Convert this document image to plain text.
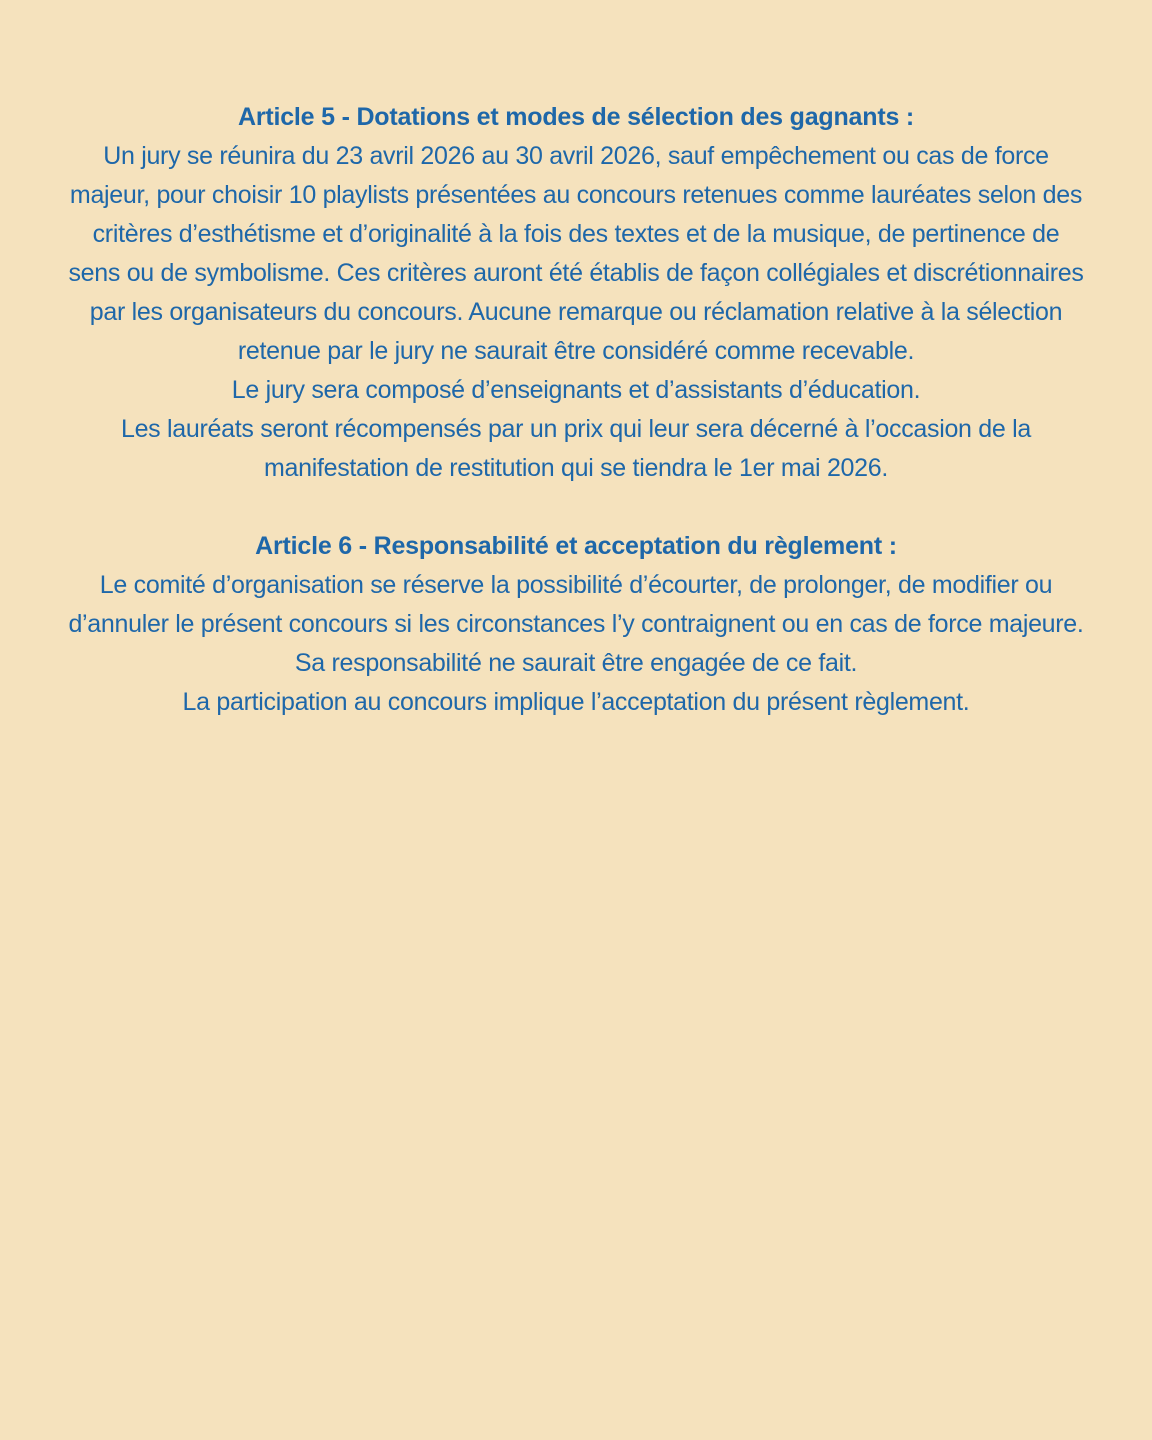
Article 5 - Dotations et modes de sélection des gagnants :
Un jury se réunira du 23 avril 2026 au 30 avril 2026, sauf empêchement ou cas de force
majeur, pour choisir 10 playlists présentées au concours retenues comme lauréates selon des
critères d’esthétisme et d’originalité à la fois des textes et de la musique, de pertinence de
sens ou de symbolisme. Ces critères auront été établis de façon collégiales et discrétionnaires
par les organisateurs du concours. Aucune remarque ou réclamation relative à la sélection
retenue par le jury ne saurait être considéré comme recevable.
Le jury sera composé d’enseignants et d’assistants d’éducation.
Les lauréats seront récompensés par un prix qui leur sera décerné à l’occasion de la
manifestation de restitution qui se tiendra le 1er mai 2026.
Article 6 - Responsabilité et acceptation du règlement :
Le comité d’organisation se réserve la possibilité d’écourter, de prolonger, de modifier ou
d’annuler le présent concours si les circonstances l’y contraignent ou en cas de force majeure.
Sa responsabilité ne saurait être engagée de ce fait.
La participation au concours implique l’acceptation du présent règlement.
